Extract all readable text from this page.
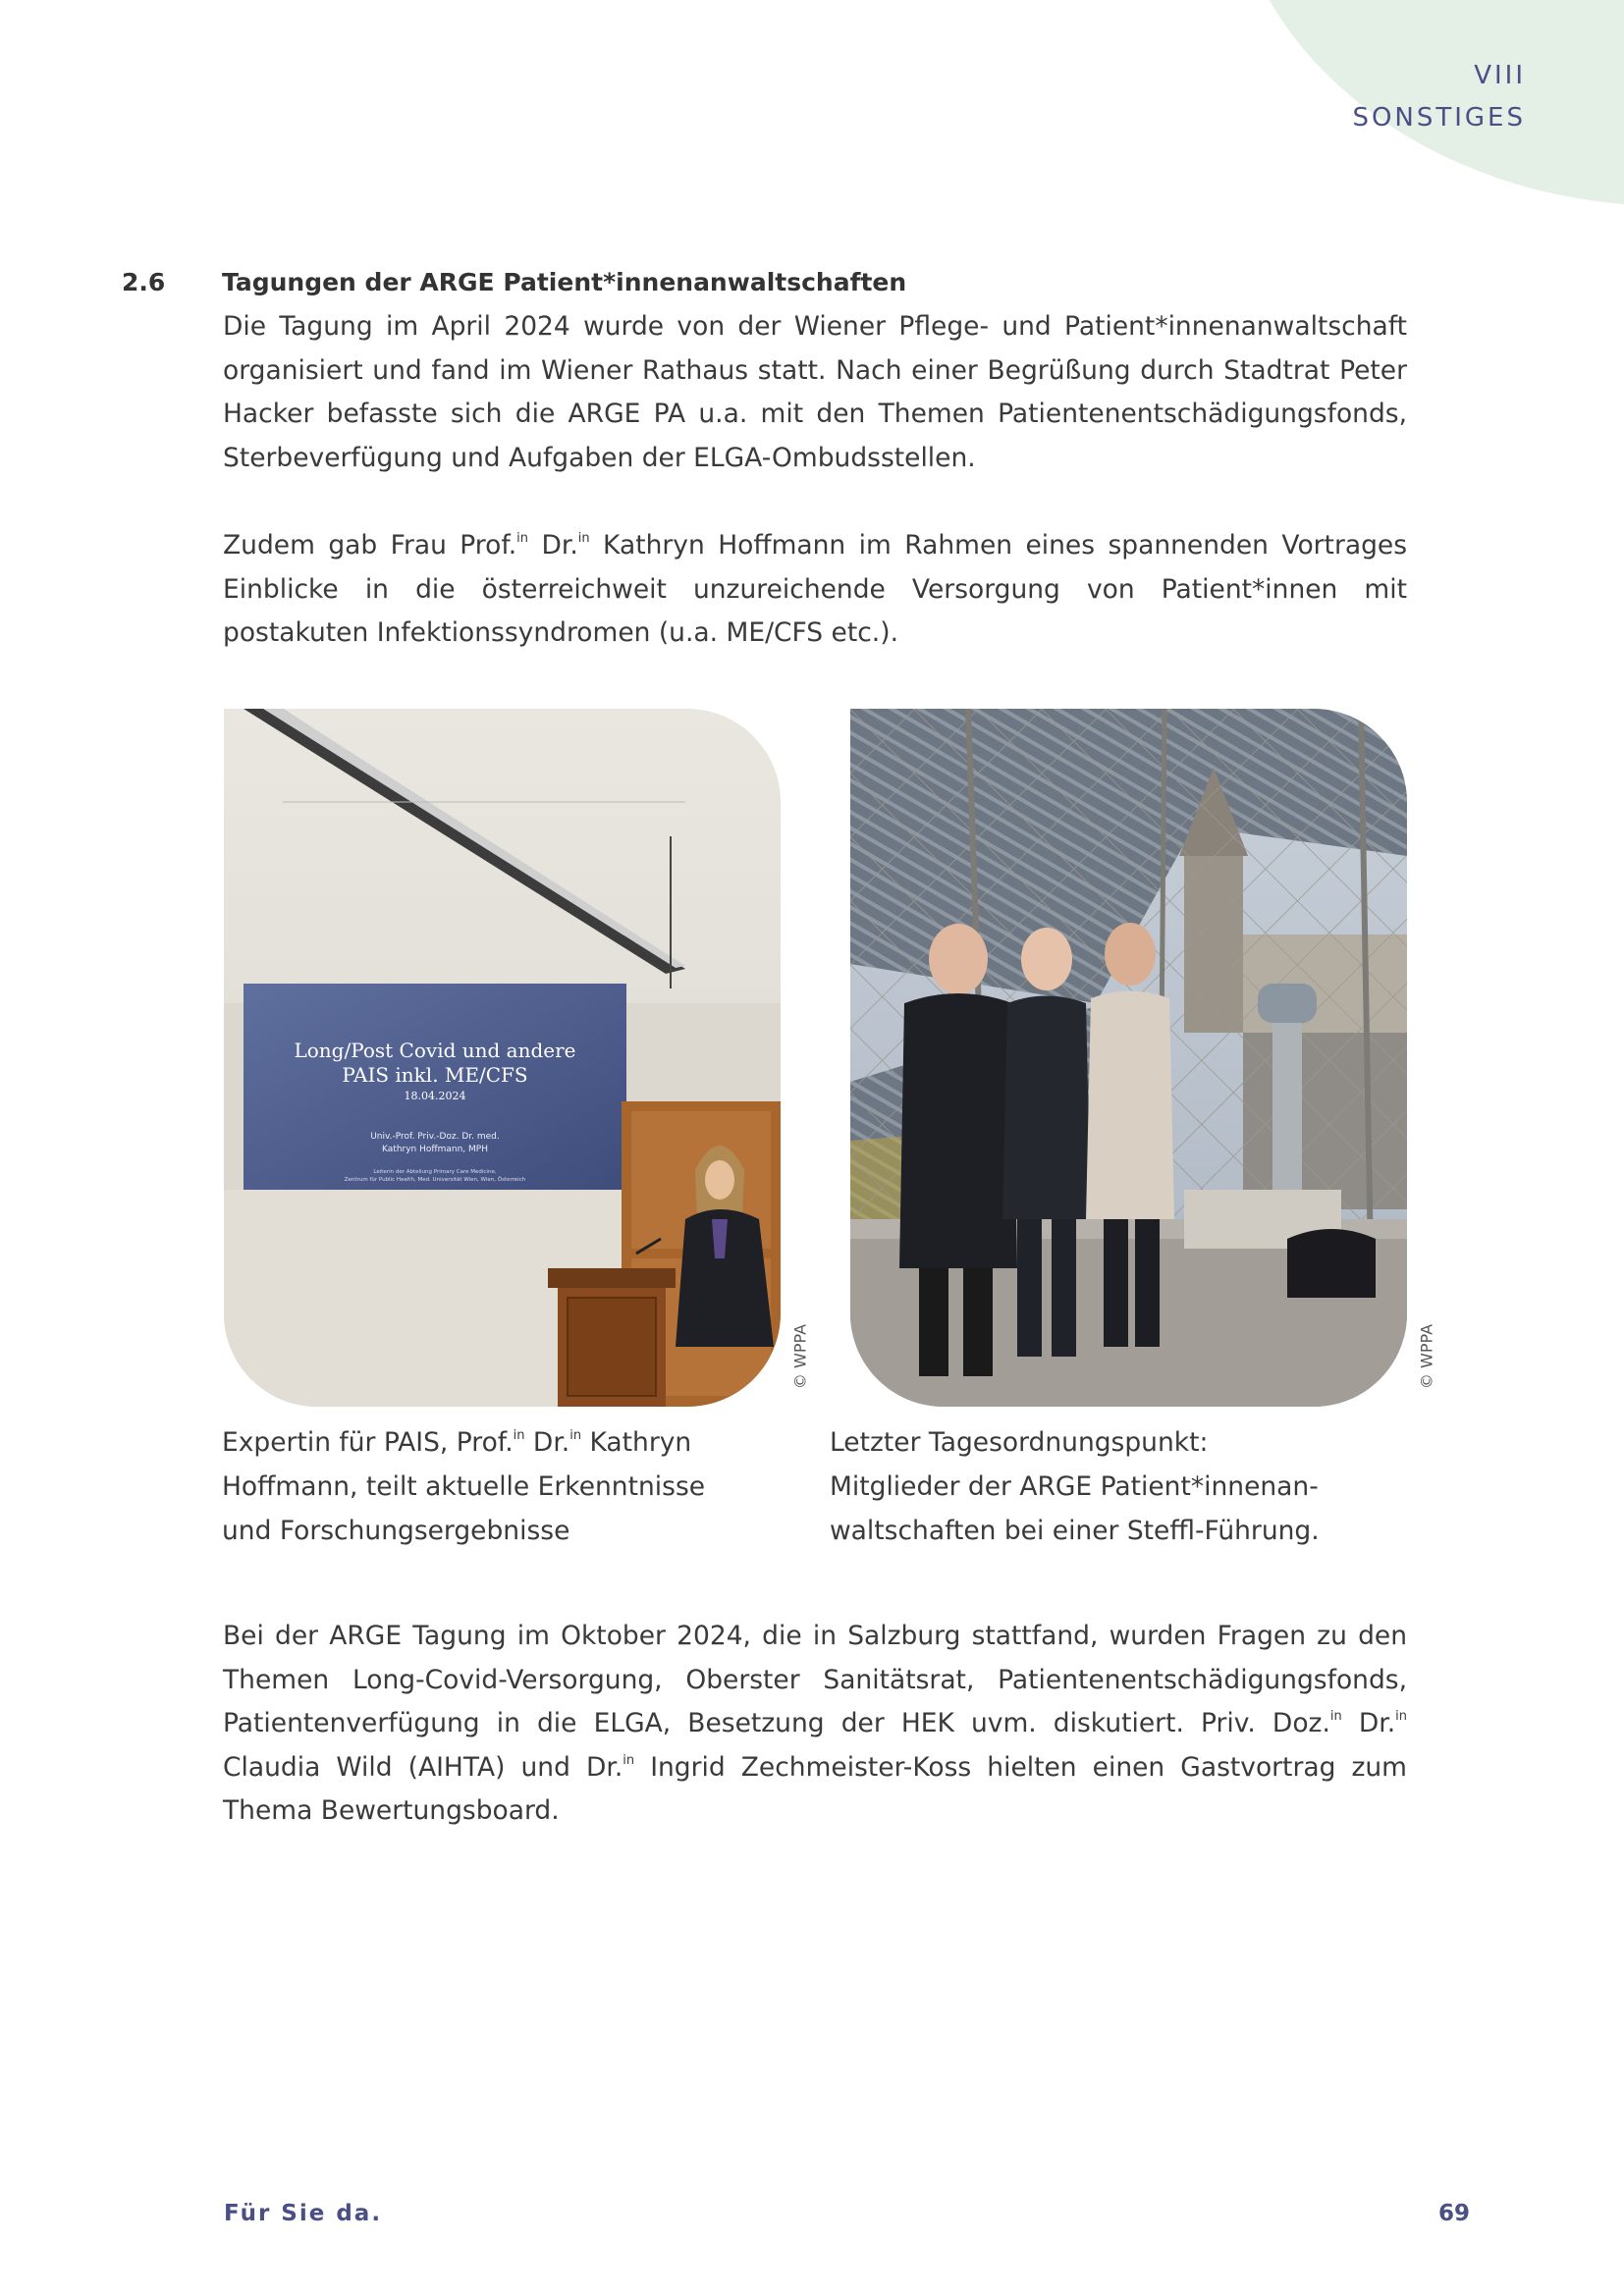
VIII
SONSTIGES
2.6 Tagungen der ARGE Patient*innenanwaltschaften

Die Tagung im April 2024 wurde von der Wiener Pflege- und Patient*innenanwaltschaft organisiert und fand im Wiener Rathaus statt. Nach einer Begrüßung durch Stadtrat Peter Hacker befasste sich die ARGE PA u.a. mit den Themen Patientenentschädigungsfonds, Sterbeverfügung und Aufgaben der ELGA-Ombudsstellen.

Zudem gab Frau Prof.$^{in}$ Dr.$^{in}$ Kathryn Hoffmann im Rahmen eines spannenden Vortrages Einblicke in die österreichweit unzureichende Versorgung von Patient*innen mit postakuten Infektionssyndromen (u.a. ME/CFS etc.).

Long/Post Covid und andere
PAIS inkl. ME/CFS
18.04.2024
Univ.-Prof. Priv.-Doz. Dr. med.
Kathryn Hoffmann, MPH
Leiterin der Abteilung Primary Care Medicine,
Zentrum für Public Health, Med. Universität Wien, Wien, Österreich
© WPPA	© WPPA

Expertin für PAIS, Prof.$^{in}$ Dr.$^{in}$ Kathryn
Hoffmann, teilt aktuelle Erkenntnisse
und Forschungsergebnisse

Letzter Tagesordnungspunkt:
Mitglieder der ARGE Patient*innenan-
waltschaften bei einer Steffl-Führung.

Bei der ARGE Tagung im Oktober 2024, die in Salzburg stattfand, wurden Fragen zu den Themen Long-Covid-Versorgung, Oberster Sanitätsrat, Patientenentschädigungsfonds, Patientenverfügung in die ELGA, Besetzung der HEK uvm. diskutiert. Priv. Doz.$^{in}$ Dr.$^{in}$ Claudia Wild (AIHTA) und Dr.$^{in}$ Ingrid Zechmeister-Koss hielten einen Gastvortrag zum Thema Bewertungsboard.

Für Sie da.	69
